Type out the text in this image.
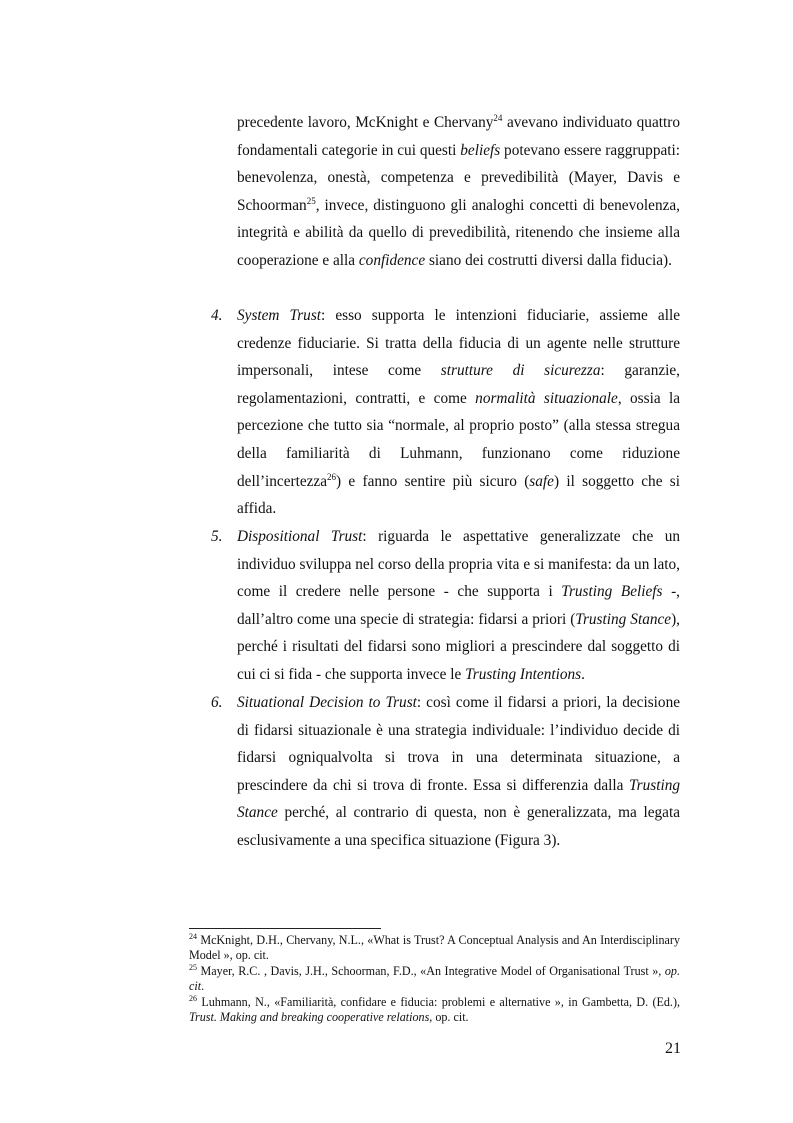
precedente lavoro, McKnight e Chervany$^{24}$ avevano individuato quattro fondamentali categorie in cui questi beliefs potevano essere raggruppati: benevolenza, onestà, competenza e prevedibilità (Mayer, Davis e Schoorman$^{25}$, invece, distinguono gli analoghi concetti di benevolenza, integrità e abilità da quello di prevedibilità, ritenendo che insieme alla cooperazione e alla confidence siano dei costrutti diversi dalla fiducia).

4. System Trust: esso supporta le intenzioni fiduciarie, assieme alle credenze fiduciarie. Si tratta della fiducia di un agente nelle strutture impersonali, intese come strutture di sicurezza: garanzie, regolamentazioni, contratti, e come normalità situazionale, ossia la percezione che tutto sia “normale, al proprio posto” (alla stessa stregua della familiarità di Luhmann, funzionano come riduzione dell’incertezza$^{26}$) e fanno sentire più sicuro (safe) il soggetto che si affida.

5. Dispositional Trust: riguarda le aspettative generalizzate che un individuo sviluppa nel corso della propria vita e si manifesta: da un lato, come il credere nelle persone - che supporta i Trusting Beliefs -, dall’altro come una specie di strategia: fidarsi a priori (Trusting Stance), perché i risultati del fidarsi sono migliori a prescindere dal soggetto di cui ci si fida - che supporta invece le Trusting Intentions.

6. Situational Decision to Trust: così come il fidarsi a priori, la decisione di fidarsi situazionale è una strategia individuale: l’individuo decide di fidarsi ogniqualvolta si trova in una determinata situazione, a prescindere da chi si trova di fronte. Essa si differenzia dalla Trusting Stance perché, al contrario di questa, non è generalizzata, ma legata esclusivamente a una specifica situazione (Figura 3).

$^{24}$ McKnight, D.H., Chervany, N.L., «What is Trust? A Conceptual Analysis and An Interdisciplinary Model », op. cit.

$^{25}$ Mayer, R.C. , Davis, J.H., Schoorman, F.D., «An Integrative Model of Organisational Trust », op. cit.

$^{26}$ Luhmann, N., «Familiarità, confidare e fiducia: problemi e alternative », in Gambetta, D. (Ed.), Trust. Making and breaking cooperative relations, op. cit.

21
